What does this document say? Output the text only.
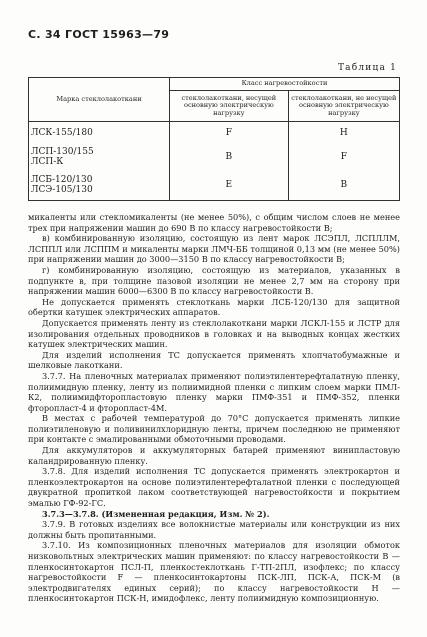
С. 34 ГОСТ 15963—79
Таблица 1
Марка стеклолакоткани	Класс нагревостойкости	
	стеклолакоткани, несущей основную электрическую нагрузку	стеклолакоткани, не несущей основную электрическую нагрузку
ЛСК-155/180	F	Н
ЛСП-130/155
ЛСП-К	В	F
ЛСБ-120/130
ЛСЭ-105/130	Е	В

микаленты или стекломикаленты (не менее 50%), с общим числом слоев не менее трех при напряжении машин до 690 В по классу нагревостойкости В;

в) комбинированную изоляцию, состоящую из лент марок ЛСЭПЛ, ЛСПЛЛМ, ЛСППЛ или ЛСППМ и микаленты марки ЛМЧ-ББ толщиной 0,13 мм (не менее 50%) при напряжении машин до 3000—3150 В по классу нагревостойкости В;

г) комбинированную изоляцию, состоящую из материалов, указанных в подпункте в, при толщине пазовой изоляции не менее 2,7 мм на сторону при напряжении машин 6000—6300 В по классу нагревостойкости В.

Не допускается применять стеклоткань марки ЛСБ-120/130 для защитной обертки катушек электрических аппаратов.

Допускается применять ленту из стеклолакоткани марки ЛСКЛ-155 и ЛСТР для изолирования отдельных проводников в головках и на выводных концах жестких катушек электрических машин.

Для изделий исполнения ТС допускается применять хлопчатобумажные и шелковые лакоткани.

3.7.7. На пленочных материалах применяют полиэтилентерефталатную пленку, полиимидную пленку, ленту из полиимидной пленки с липким слоем марки ПМЛ-К2, полиимидфторопластовую пленку марки ПМФ-351 и ПМФ-352, пленки фторопласт-4 и фторопласт-4М.

В местах с рабочей температурой до 70°С допускается применять липкие полиэтиленовую и поливинилхлоридную ленты, причем последнюю не применяют при контакте с эмалированными обмоточными проводами.

Для аккумуляторов и аккумуляторных батарей применяют винипластовую каландрированную пленку.

3.7.8. Для изделий исполнения ТС допускается применять электрокартон и пленкоэлектрокартон на основе полиэтилентерефталатной пленки с последующей двукратной пропиткой лаком соответствующей нагревостойкости и покрытием эмалью ГФ-92-ГС.

3.7.3—3.7.8. (Измененная редакция, Изм. № 2).

3.7.9. В готовых изделиях все волокнистые материалы или конструкции из них должны быть пропитанными.

3.7.10. Из композиционных пленочных материалов для изоляции обмоток низковольтных электрических машин применяют: по классу нагревостойкости В — пленкосинтокартон ПСЛ-П, пленкостеклоткань Г-ТП-2ПЛ, изофлекс; по классу нагревостойкости F — пленкосинтокартоны ПСК-ЛП, ПСК-А, ПСК-М (в электродвигателях единых серий); по классу нагревостойкости Н — пленкосинтокартон ПСК-Н, имидофлекс, ленту полиимидную композиционную.
